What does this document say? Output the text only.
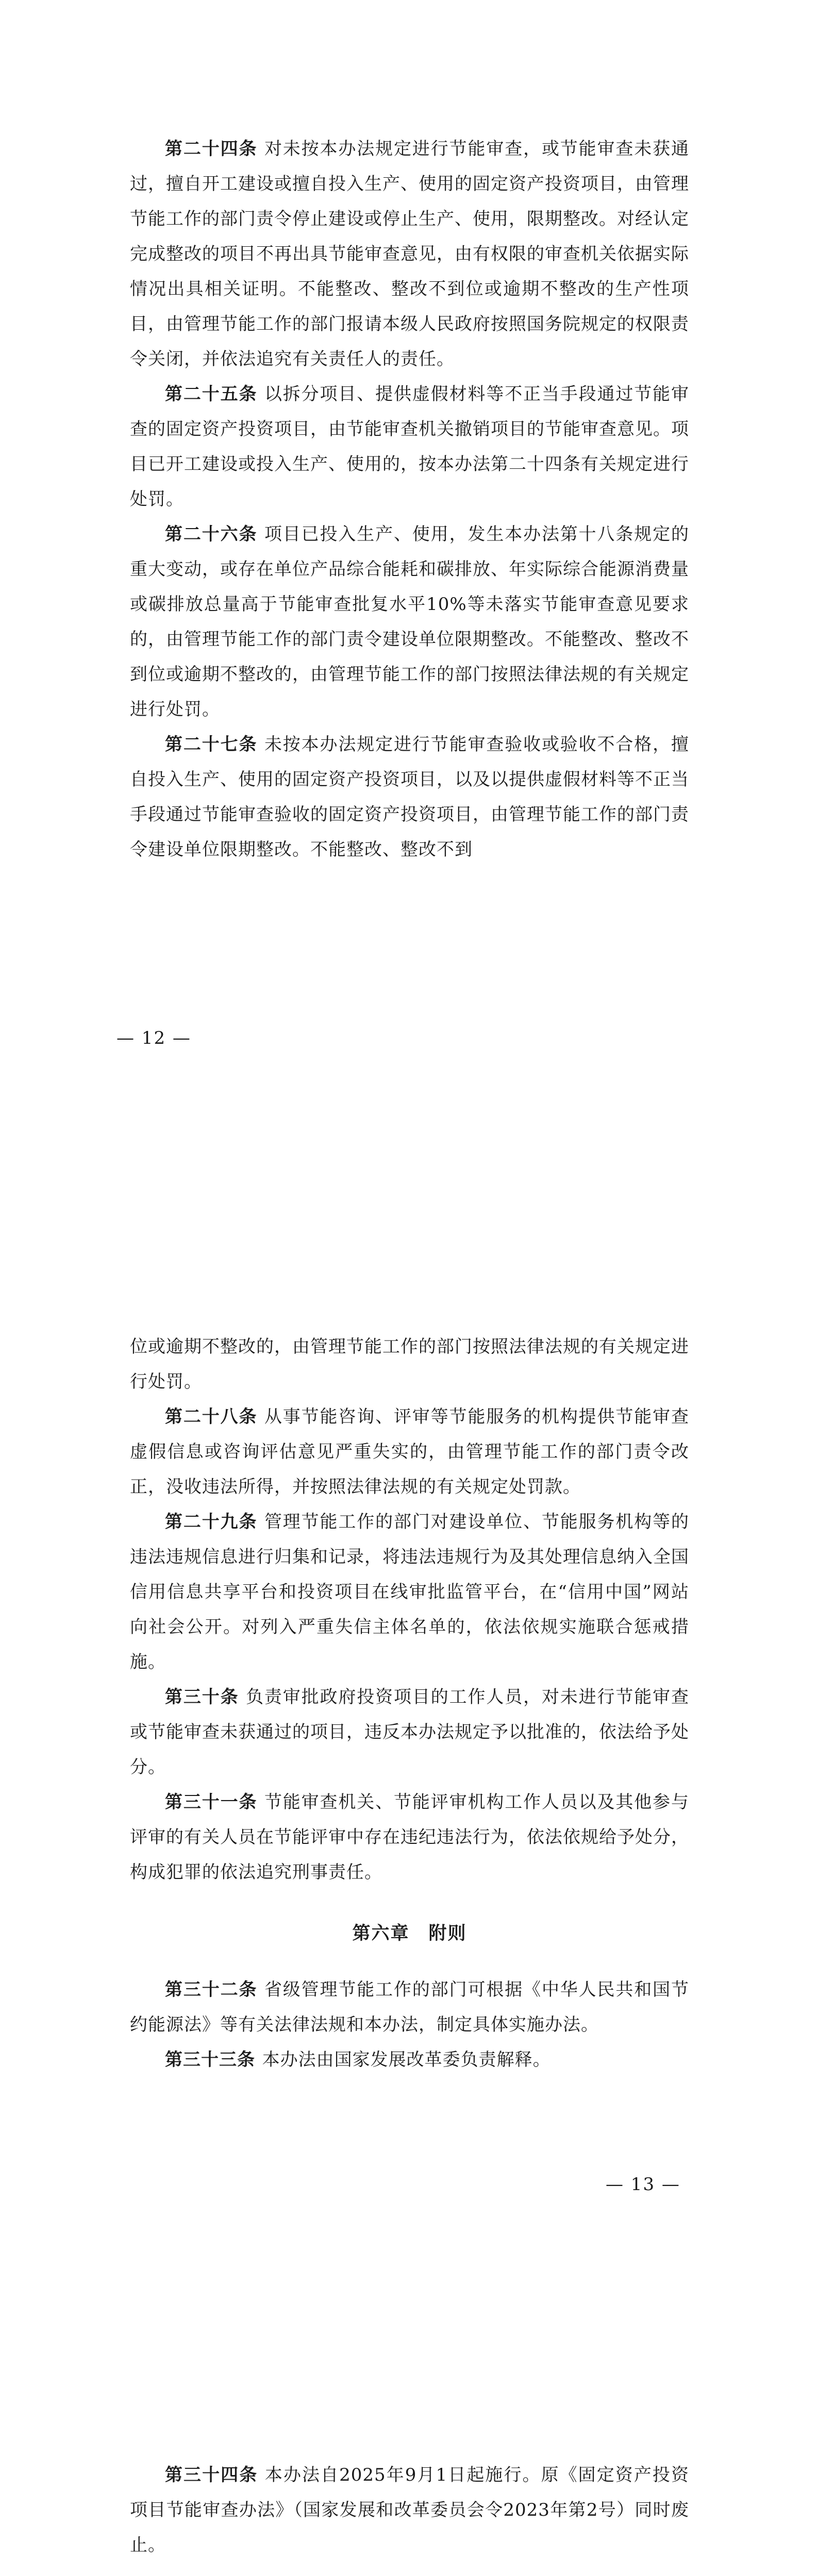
第二十四条 对未按本办法规定进行节能审查，或节能审查未获通过，擅自开工建设或擅自投入生产、使用的固定资产投资项目，由管理节能工作的部门责令停止建设或停止生产、使用，限期整改。对经认定完成整改的项目不再出具节能审查意见，由有权限的审查机关依据实际情况出具相关证明。不能整改、整改不到位或逾期不整改的生产性项目，由管理节能工作的部门报请本级人民政府按照国务院规定的权限责令关闭，并依法追究有关责任人的责任。

第二十五条 以拆分项目、提供虚假材料等不正当手段通过节能审查的固定资产投资项目，由节能审查机关撤销项目的节能审查意见。项目已开工建设或投入生产、使用的，按本办法第二十四条有关规定进行处罚。

第二十六条 项目已投入生产、使用，发生本办法第十八条规定的重大变动，或存在单位产品综合能耗和碳排放、年实际综合能源消费量或碳排放总量高于节能审查批复水平10%等未落实节能审查意见要求的，由管理节能工作的部门责令建设单位限期整改。不能整改、整改不到位或逾期不整改的，由管理节能工作的部门按照法律法规的有关规定进行处罚。

第二十七条 未按本办法规定进行节能审查验收或验收不合格，擅自投入生产、使用的固定资产投资项目，以及以提供虚假材料等不正当手段通过节能审查验收的固定资产投资项目，由管理节能工作的部门责令建设单位限期整改。不能整改、整改不到

— 12 —

位或逾期不整改的，由管理节能工作的部门按照法律法规的有关规定进行处罚。

第二十八条 从事节能咨询、评审等节能服务的机构提供节能审查虚假信息或咨询评估意见严重失实的，由管理节能工作的部门责令改正，没收违法所得，并按照法律法规的有关规定处罚款。

第二十九条 管理节能工作的部门对建设单位、节能服务机构等的违法违规信息进行归集和记录，将违法违规行为及其处理信息纳入全国信用信息共享平台和投资项目在线审批监管平台，在“信用中国”网站向社会公开。对列入严重失信主体名单的，依法依规实施联合惩戒措施。

第三十条 负责审批政府投资项目的工作人员，对未进行节能审查或节能审查未获通过的项目，违反本办法规定予以批准的，依法给予处分。

第三十一条 节能审查机关、节能评审机构工作人员以及其他参与评审的有关人员在节能评审中存在违纪违法行为，依法依规给予处分，构成犯罪的依法追究刑事责任。

第六章　附则

第三十二条 省级管理节能工作的部门可根据《中华人民共和国节约能源法》等有关法律法规和本办法，制定具体实施办法。

第三十三条 本办法由国家发展改革委负责解释。

— 13 —

第三十四条 本办法自2025年9月1日起施行。原《固定资产投资项目节能审查办法》（国家发展和改革委员会令2023年第2号）同时废止。
